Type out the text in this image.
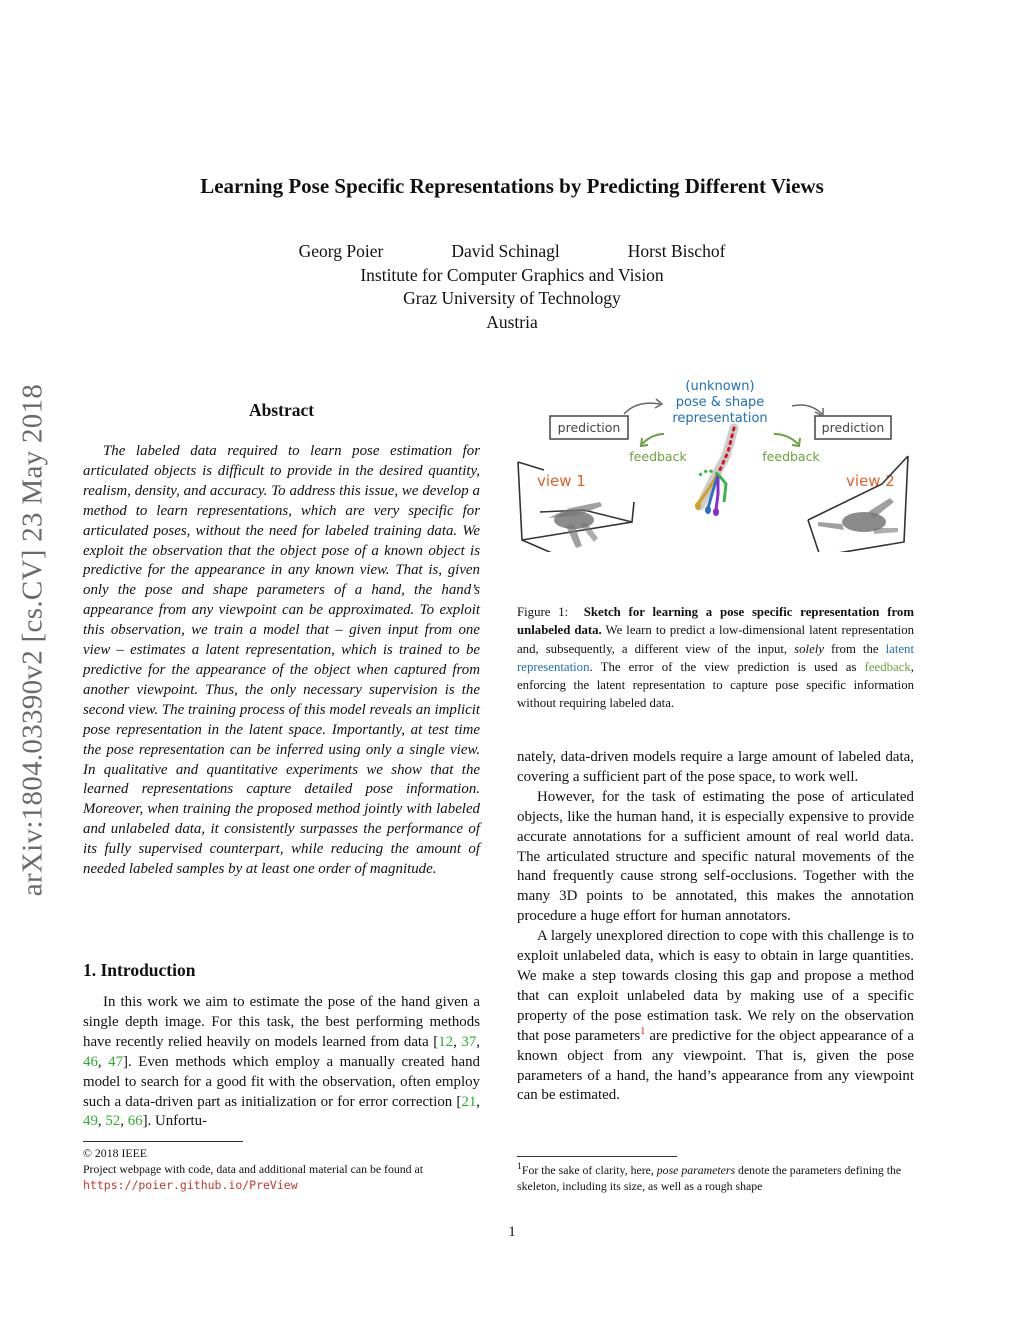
Learning Pose Specific Representations by Predicting Different Views
Georg Poier	David Schinagl	Horst Bischof
Institute for Computer Graphics and Vision
Graz University of Technology
Austria
arXiv:1804.03390v2 [cs.CV] 23 May 2018	Abstract
The labeled data required to learn pose estimation for articulated objects is difficult to provide in the desired quantity, realism, density, and accuracy. To address this issue, we develop a method to learn representations, which are very specific for articulated poses, without the need for labeled training data. We exploit the observation that the object pose of a known object is predictive for the appearance in any known view. That is, given only the pose and shape parameters of a hand, the hand’s appearance from any viewpoint can be approximated. To exploit this observation, we train a model that – given input from one view – estimates a latent representation, which is trained to be predictive for the appearance of the object when captured from another viewpoint. Thus, the only necessary supervision is the second view. The training process of this model reveals an implicit pose representation in the latent space. Importantly, at test time the pose representation can be inferred using only a single view. In qualitative and quantitative experiments we show that the learned representations capture detailed pose information. Moreover, when training the proposed method jointly with labeled and unlabeled data, it consistently surpasses the performance of its fully supervised counterpart, while reducing the amount of needed labeled samples by at least one order of magnitude.
1. Introduction

In this work we aim to estimate the pose of the hand given a single depth image. For this task, the best performing methods have recently relied heavily on models learned from data [12, 37, 46, 47]. Even methods which employ a manually created hand model to search for a good fit with the observation, often employ such a data-driven part as initialization or for error correction [21, 49, 52, 66]. Unfortu-

© 2018 IEEE
Project webpage with code, data and additional material can be found at
https://poier.github.io/PreView
(unknown)
pose & shape
representation
prediction	prediction
feedback	feedback
view 1	view 2
Figure 1: Sketch for learning a pose specific representation from unlabeled data. We learn to predict a low-dimensional latent representation and, subsequently, a different view of the input, solely from the latent representation. The error of the view prediction is used as feedback, enforcing the latent representation to capture pose specific information without requiring labeled data.

nately, data-driven models require a large amount of labeled data, covering a sufficient part of the pose space, to work well.

However, for the task of estimating the pose of articulated objects, like the human hand, it is especially expensive to provide accurate annotations for a sufficient amount of real world data. The articulated structure and specific natural movements of the hand frequently cause strong self-occlusions. Together with the many 3D points to be annotated, this makes the annotation procedure a huge effort for human annotators.

A largely unexplored direction to cope with this challenge is to exploit unlabeled data, which is easy to obtain in large quantities. We make a step towards closing this gap and propose a method that can exploit unlabeled data by making use of a specific property of the pose estimation task. We rely on the observation that pose parameters$^1$ are predictive for the object appearance of a known object from any viewpoint. That is, given the pose parameters of a hand, the hand’s appearance from any viewpoint can be estimated.

$^1$For the sake of clarity, here, pose parameters denote the parameters defining the skeleton, including its size, as well as a rough shape
1
